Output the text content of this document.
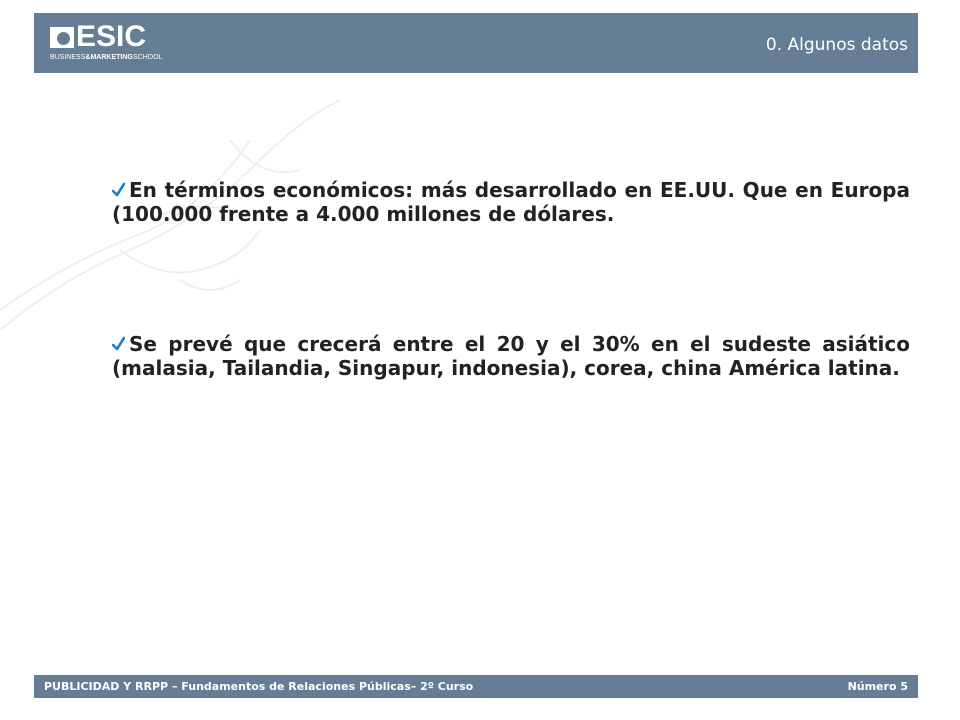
ESIC
BUSINESS&MARKETINGSCHOOL
0. Algunos datos
En términos económicos: más desarrollado en EE.UU. Que en Europa (100.000 frente a 4.000 millones de dólares.
Se prevé que crecerá entre el 20 y el 30% en el sudeste asiático (malasia, Tailandia, Singapur, indonesia), corea, china América latina.
PUBLICIDAD Y RRPP – Fundamentos de Relaciones Públicas– 2º Curso	Número 5
